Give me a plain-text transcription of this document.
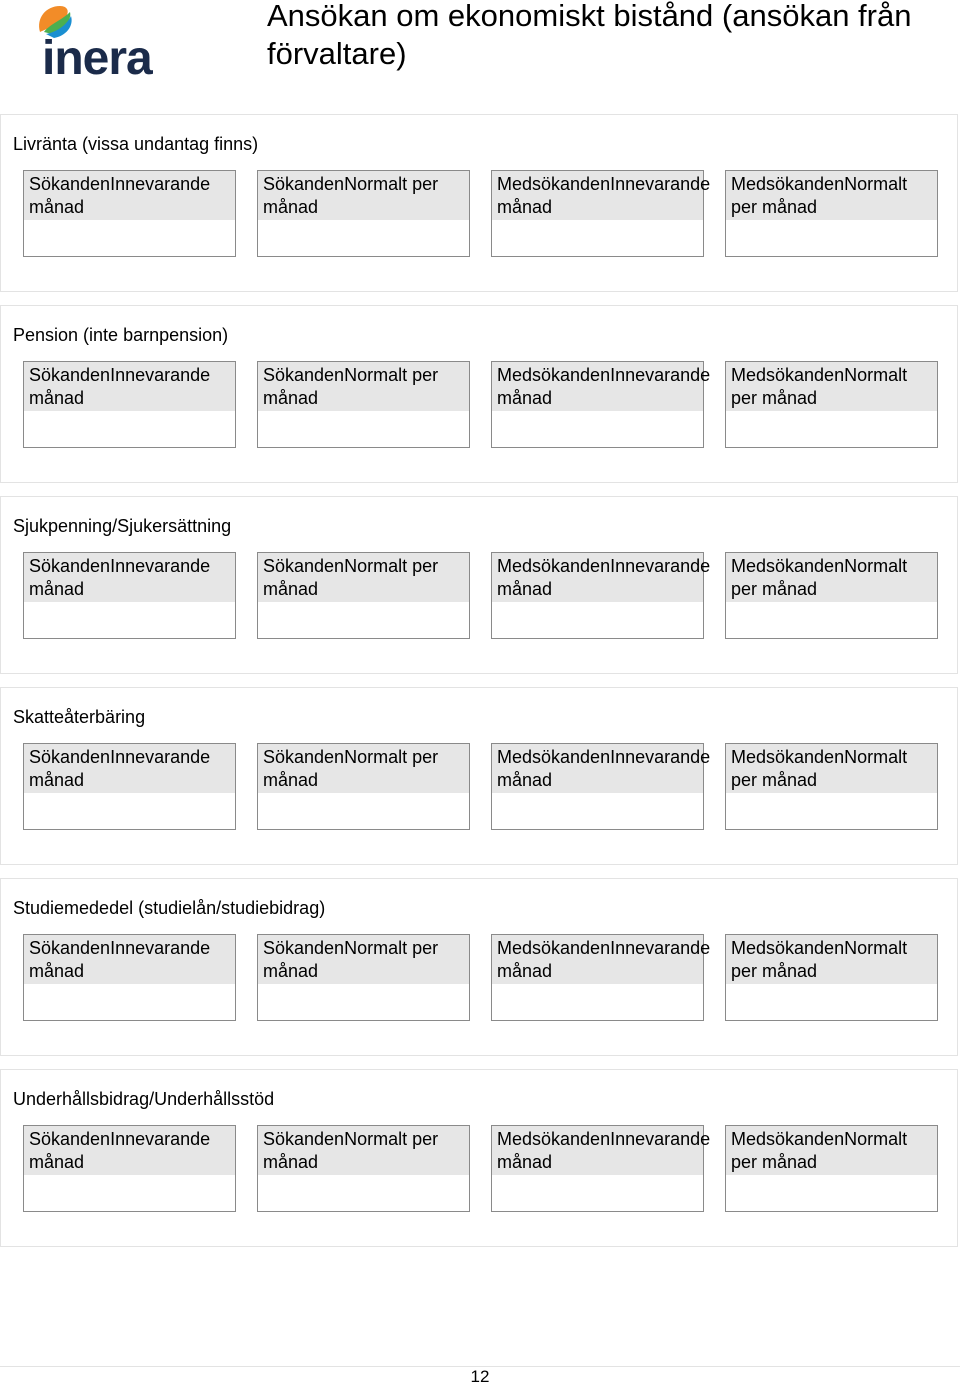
inera
Ansökan om ekonomiskt bistånd (ansökan från förvaltare)
Livränta (vissa undantag finns)
SökandenInnevarande
månad
SökandenNormalt per
månad
MedsökandenInnevarande
månad
MedsökandenNormalt
per månad
Pension (inte barnpension)
SökandenInnevarande
månad
SökandenNormalt per
månad
MedsökandenInnevarande
månad
MedsökandenNormalt
per månad
Sjukpenning/Sjukersättning
SökandenInnevarande
månad
SökandenNormalt per
månad
MedsökandenInnevarande
månad
MedsökandenNormalt
per månad
Skatteåterbäring
SökandenInnevarande
månad
SökandenNormalt per
månad
MedsökandenInnevarande
månad
MedsökandenNormalt
per månad
Studiemededel (studielån/studiebidrag)
SökandenInnevarande
månad
SökandenNormalt per
månad
MedsökandenInnevarande
månad
MedsökandenNormalt
per månad
Underhållsbidrag/Underhållsstöd
SökandenInnevarande
månad
SökandenNormalt per
månad
MedsökandenInnevarande
månad
MedsökandenNormalt
per månad
12
